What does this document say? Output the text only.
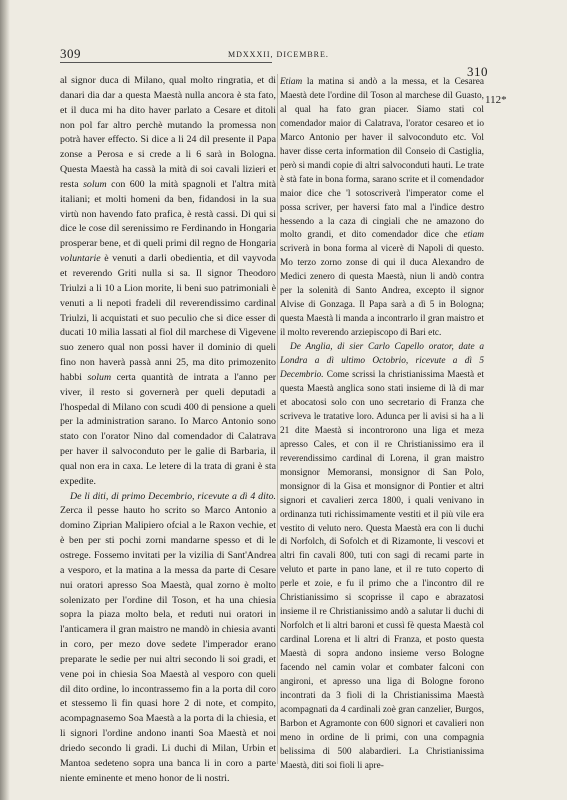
309	MDXXXII, DICEMBRE.
310
112*

al signor duca di Milano, qual molto ringratia, et di danari dia dar a questa Maestà nulla ancora è sta fato, et il duca mi ha dito haver parlato a Cesare et ditoli non pol far altro perchè mutando la promessa non potrà haver effecto. Si dice a li 24 dil presente il Papa zonse a Perosa e si crede a li 6 sarà in Bologna. Questa Maestà ha cassà la mità di soi cavali lizieri et resta solum con 600 la mità spagnoli et l'altra mità italiani; et molti homeni da ben, fidandosi in la sua virtù non havendo fato prafica, è restà cassi. Di qui si dice le cose dil serenissimo re Ferdinando in Hongaria prosperar bene, et di queli primi dil regno de Hongaria voluntarie è venuti a darli obedientia, et dil vayvoda et reverendo Griti nulla si sa. Il signor Theodoro Triulzi a li 10 a Lion morite, li beni suo patrimoniali è venuti a li nepoti fradeli dil reverendissimo cardinal Triulzi, li acquistati et suo peculio che si dice esser di ducati 10 milia lassati al fiol dil marchese di Vigevene suo zenero qual non possi haver il dominio di queli fino non haverà passà anni 25, ma dito primozenito habbi solum certa quantità de intrata a l'anno per viver, il resto si governerà per queli deputadi a l'hospedal di Milano con scudi 400 di pensione a queli per la administration sarano. Io Marco Antonio sono stato con l'orator Nino dal comendador di Calatrava per haver il salvoconduto per le galie di Barbaria, il qual non era in caxa. Le letere di la trata di grani è sta expedite.

De li diti, di primo Decembrio, ricevute a dì 4 dito. Zerca il pesse hauto ho scrito so Marco Antonio a domino Ziprian Malipiero ofcial a le Raxon vechie, et è ben per sti pochi zorni mandarne spesso et di le ostrege. Fossemo invitati per la vizilia di Sant'Andrea a vesporo, et la matina a la messa da parte di Cesare nui oratori apresso Soa Maestà, qual zorno è molto solenizato per l'ordine dil Toson, et ha una chiesia sopra la piaza molto bela, et reduti nui oratori in l'anticamera il gran maistro ne mandò in chiesia avanti in coro, per mezo dove sedete l'imperador erano preparate le sedie per nui altri secondo li soi gradi, et vene poi in chiesia Soa Maestà al vesporo con queli dil dito ordine, lo incontrassemo fin a la porta dil coro et stessemo lì fin quasi hore 2 di note, et compito, acompagnasemo Soa Maestà a la porta di la chiesia, et li signori l'ordine andono inanti Soa Maestà et noi driedo secondo li gradi. Li duchi di Milan, Urbin et Mantoa sedeteno sopra una banca li in coro a parte niente eminente et meno honor de li nostri.

Etiam la matina si andò a la messa, et la Cesarea Maestà dete l'ordine dil Toson al marchese dil Guasto, al qual ha fato gran piacer. Siamo stati col comendador maior di Calatrava, l'orator cesareo et io Marco Antonio per haver il salvoconduto etc. Vol haver disse certa information dil Conseio di Castiglia, però si mandi copie di altri salvoconduti hauti. Le trate è stà fate in bona forma, sarano scrite et il comendador maior dice che 'l sotoscriverà l'imperator come el possa scriver, per haversi fato mal a l'indice destro hessendo a la caza di cingiali che ne amazono do molto grandi, et dito comendador dice che etiam scriverà in bona forma al vicerè di Napoli di questo. Mo terzo zorno zonse di qui il duca Alexandro de Medici zenero di questa Maestà, niun li andò contra per la solenità di Santo Andrea, excepto il signor Alvise di Gonzaga. Il Papa sarà a dì 5 in Bologna; questa Maestà li manda a incontrarlo il gran maistro et il molto reverendo arziepiscopo di Bari etc.

De Anglia, di sier Carlo Capello orator, date a Londra a dì ultimo Octobrio, ricevute a dì 5 Decembrio. Come scrissi la christianissima Maestà et questa Maestà anglica sono stati insieme di là di mar et abocatosi solo con uno secretario di Franza che scriveva le tratative loro. Adunca per li avisi si ha a li 21 dite Maestà si incontrorono una liga et meza apresso Cales, et con il re Christianissimo era il reverendissimo cardinal di Lorena, il gran maistro monsignor Memoransi, monsignor di San Polo, monsignor di la Gisa et monsignor di Pontier et altri signori et cavalieri zerca 1800, i quali venivano in ordinanza tuti richissimamente vestiti et il più vile era vestito di veluto nero. Questa Maestà era con li duchi di Norfolch, di Sofolch et di Rizamonte, li vescovi et altri fin cavali 800, tuti con sagi di recami parte in veluto et parte in pano lane, et il re tuto coperto di perle et zoie, e fu il primo che a l'incontro dil re Christianissimo si scoprisse il capo e abrazatosi insieme il re Christianissimo andò a salutar li duchi di Norfolch et li altri baroni et cussì fè questa Maestà col cardinal Lorena et li altri di Franza, et posto questa Maestà di sopra andono insieme verso Bologne facendo nel camin volar et combater falconi con angironi, et apresso una liga di Bologne forono incontrati da 3 fioli di la Christianissima Maestà acompagnati da 4 cardinali zoè gran canzelier, Burgos, Barbon et Agramonte con 600 signori et cavalieri non meno in ordine de li primi, con una compagnia belissima di 500 alabardieri. La Christianissima Maestà, diti soi fioli li apre-
